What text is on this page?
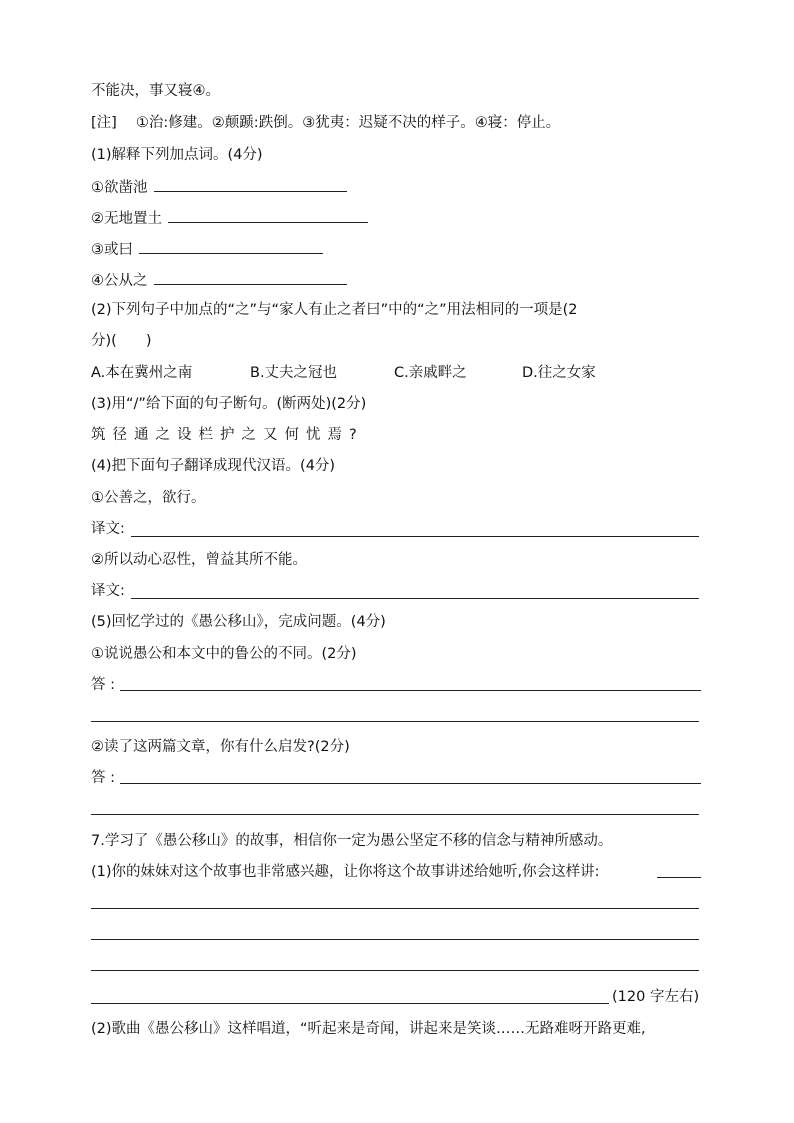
不能决，事又寝④。
[注]　 ①治:修建。②颠踬:跌倒。③犹夷：迟疑不决的样子。④寝：停止。
(1)解释下列加点词。(4分)
①欲凿池
②无地置土
③或曰
④公从之
(2)下列句子中加点的“之”与“家人有止之者曰”中的“之”用法相同的一项是(2
分)(　　)
A.本在冀州之南	B.丈夫之冠也	C.亲戚畔之	D.往之女家
(3)用“/”给下面的句子断句。(断两处)(2分)
筑径通之设栏护之又何忧焉?
(4)把下面句子翻译成现代汉语。(4分)
①公善之，欲行。
译文:
②所以动心忍性，曾益其所不能。
译文:
(5)回忆学过的《愚公移山》，完成问题。(4分)
①说说愚公和本文中的鲁公的不同。(2分)
答 :
②读了这两篇文章，你有什么启发?(2分)
答 :
7.学习了《愚公移山》的故事，相信你一定为愚公坚定不移的信念与精神所感动。
(1)你的妹妹对这个故事也非常感兴趣，让你将这个故事讲述给她听,你会这样讲:
(120 字左右)
(2)歌曲《愚公移山》这样唱道，“听起来是奇闻，讲起来是笑谈……无路难呀开路更难,
